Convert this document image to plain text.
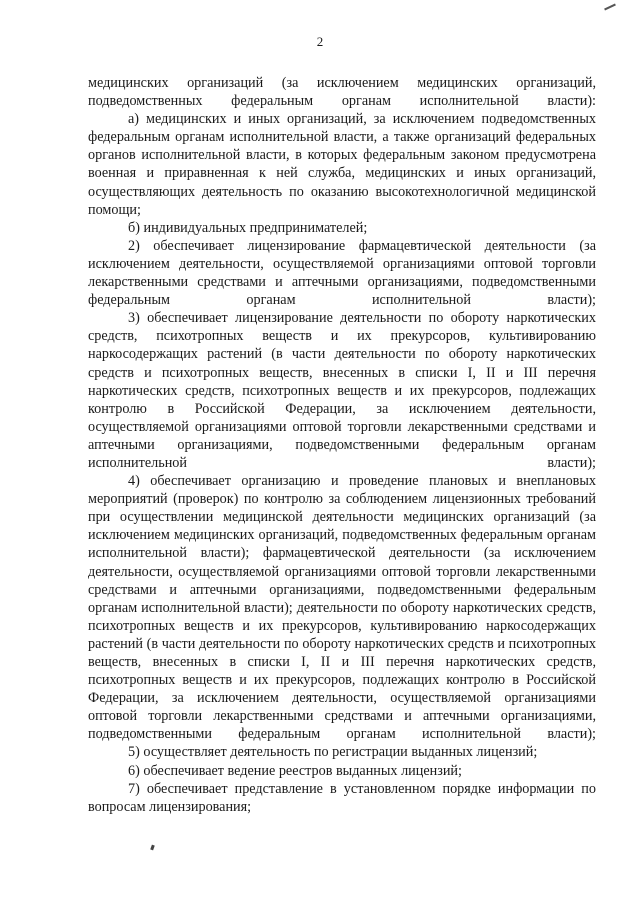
2

медицинских организаций (за исключением медицинских организаций, подведомственных федеральным органам исполнительной власти):

а) медицинских и иных организаций, за исключением подведомственных федеральным органам исполнительной власти, а также организаций федеральных органов исполнительной власти, в которых федеральным законом предусмотрена военная и приравненная к ней служба, медицинских и иных организаций, осуществляющих деятельность по оказанию высокотехнологичной медицинской помощи;

б) индивидуальных предпринимателей;

2) обеспечивает лицензирование фармацевтической деятельности (за исключением деятельности, осуществляемой организациями оптовой торговли лекарственными средствами и аптечными организациями, подведомственными федеральным органам исполнительной власти);

3) обеспечивает лицензирование деятельности по обороту наркотических средств, психотропных веществ и их прекурсоров, культивированию наркосодержащих растений (в части деятельности по обороту наркотических средств и психотропных веществ, внесенных в списки I, II и III перечня наркотических средств, психотропных веществ и их прекурсоров, подлежащих контролю в Российской Федерации, за исключением деятельности, осуществляемой организациями оптовой торговли лекарственными средствами и аптечными организациями, подведомственными федеральным органам исполнительной власти);

4) обеспечивает организацию и проведение плановых и внеплановых мероприятий (проверок) по контролю за соблюдением лицензионных требований при осуществлении медицинской деятельности медицинских организаций (за исключением медицинских организаций, подведомственных федеральным органам исполнительной власти); фармацевтической деятельности (за исключением деятельности, осуществляемой организациями оптовой торговли лекарственными средствами и аптечными организациями, подведомственными федеральным органам исполнительной власти); деятельности по обороту наркотических средств, психотропных веществ и их прекурсоров, культивированию наркосодержащих растений (в части деятельности по обороту наркотических средств и психотропных веществ, внесенных в списки I, II и III перечня наркотических средств, психотропных веществ и их прекурсоров, подлежащих контролю в Российской Федерации, за исключением деятельности, осуществляемой организациями оптовой торговли лекарственными средствами и аптечными организациями, подведомственными федеральным органам исполнительной власти);

5) осуществляет деятельность по регистрации выданных лицензий;

6) обеспечивает ведение реестров выданных лицензий;

7) обеспечивает представление в установленном порядке информации по вопросам лицензирования;
